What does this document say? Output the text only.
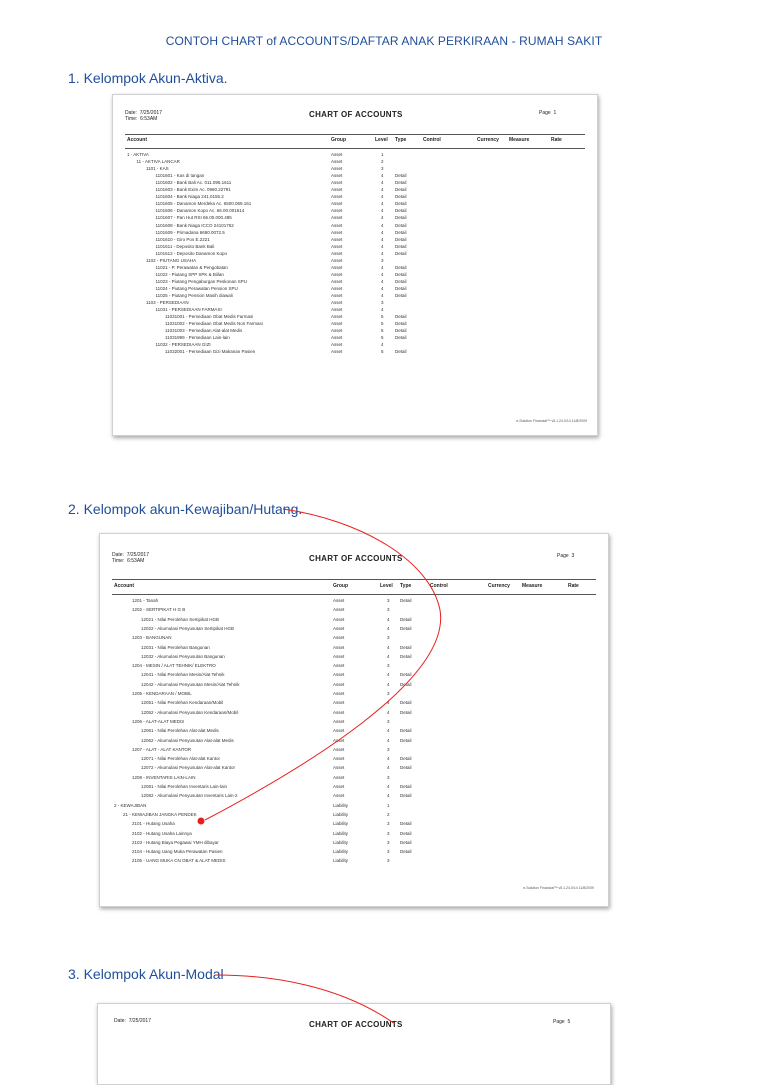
CONTOH CHART of ACCOUNTS/DAFTAR ANAK PERKIRAAN - RUMAH SAKIT
1. Kelompok Akun-Aktiva.
Date: 7/25/2017
Time: 6:53AM	CHART OF ACCOUNTS	Page 1
Account	Group	Level Type	Control	Currency Measure	Rate
1 - AKTIVA	Asset	1
11 - AKTIVA LANCAR	Asset	2
1101 - KAS	Asset	3
1101601 - Kas di tangan	Asset	4	Detail
1101602 - Bank Bali Ac. 011.095.1611	Asset	4	Detail
1101603 - Bank Exim Ac. 0960.22791	Asset	4	Detail
1101604 - Bank Niaga 241.0155.2	Asset	4	Detail
1101605 - Danamon Merdeka Ac. 6500.069.161	Asset	4	Detail
1101606 - Danamon Kopo Ac. 66.00.001614	Asset	4	Detail
1101607 - Pan Hut RSI 66.00.000.485	Asset	4	Detail
1101608 - Bank Niaga ICCO 24101762	Asset	4	Detail
1101609 - Primadana 6690.0072.5	Asset	4	Detail
1101610 - Giro Pos E.2221	Asset	4	Detail
1101611 - Deposito Bank Bali	Asset	4	Detail
1101612 - Deposito Danamon Kopo	Asset	4	Detail
1102 - PIUTANG USAHA	Asset	3
11021 - P. Perawatan & Pengobatan	Asset	4	Detail
11022 - Piutang SPP SPK & Biilan	Asset	4	Detail
11023 - Piutang Pengaburgan Peskonan SPU	Asset	4	Detail
11024 - Piutang Perawatan Pension SPU	Asset	4	Detail
11025 - Piutang Pension Masih diawali	Asset	4	Detail
1103 - PERSEDIAAN	Asset	3
11031 - PERSEDIAAN FARMASI	Asset	4
11031001 - Persediaan Obat Medis Farmasi	Asset	5	Detail
11031002 - Persediaan Obat Medis Non Farmasi	Asset	5	Detail
11031003 - Persediaan Alat-alat Medis	Asset	5	Detail
11031999 - Persediaan Lain-lain	Asset	5	Detail
11032 - PERSEDIAAN GIZI	Asset	4
11032001 - Persediaan Gizi Makanan Pasien	Asset	5	Detail
e-Solution Financial™ v5.1.24.0/14 11/8/2009
2. Kelompok akun-Kewajiban/Hutang.
Date: 7/25/2017
Time: 6:53AM	CHART OF ACCOUNTS	Page 3
Account	Group	Level Type	Control	Currency Measure	Rate
1201 - Tanah	Asset	3 Detail
1202 - SERTIPIKAT H G B	Asset	3
12021 - Nilai Perolehan Sertipikat HGB	Asset	4 Detail
12022 - Akumulasi Penyusutan Sertipikat HGB	Asset	4 Detail
1203 - BANGUNAN	Asset	3
12031 - Nilai Perolehan Bangunan	Asset	4 Detail
12032 - Akumulasi Penyusutan Bangunan	Asset	4 Detail
1204 - MESIN / ALAT TEHNIK/ ELEKTRO	Asset	3
12041 - Nilai Perolehan Mesin/Alat Tehnik	Asset	4 Detail
12042 - Akumulasi Penyusutan Mesin/Alat Tehnik	Asset	4 Detail
1205 - KENDARAAN / MOBIL	Asset	3
12051 - Nilai Perolehan Kendaraan/Mobil	Asset	4 Detail
12052 - Akumulasi Penyusutan Kendaraan/Mobil	Asset	4 Detail
1206 - ALAT-ALAT MEDIS	Asset	3
12061 - Nilai Perolehan Alat-alat Medis	Asset	4 Detail
12062 - Akumulasi Penyusutan Alat-alat Medis	Asset	4 Detail
1207 - ALAT - ALAT KANTOR	Asset	3
12071 - Nilai Perolehan Alat-alat Kantor	Asset	4 Detail
12072 - Akumulasi Penyusutan Alat-alat Kantor	Asset	4 Detail
1208 - INVENTARIS LAIN-LAIN	Asset	3
12081 - Nilai Perolehan Inventaris Lain-lain	Asset	4 Detail
12082 - Akumulasi Penyusutan Inventaris Lain-2	Asset	4 Detail
2 - KEWAJIBAN	Liability	1
21 - KEWAJIBAN JANGKA PENDEK	Liability	2
2101 - Hutang Usaha	Liability	3 Detail
2102 - Hutang Usaha Lainnya	Liability	3 Detail
2103 - Hutang Biaya Pegawai YMH dibayar	Liability	3 Detail
2104 - Hutang Uang Muka Perawatan Pasien	Liability	3 Detail
2105 - UANG MUKA CN OBAT & ALAT MEDIS	Liability	3
e-Solution Financial™ v5.1.24.0/14 11/8/2009
3. Kelompok Akun-Modal
Date: 7/25/2017	CHART OF ACCOUNTS	Page 5
